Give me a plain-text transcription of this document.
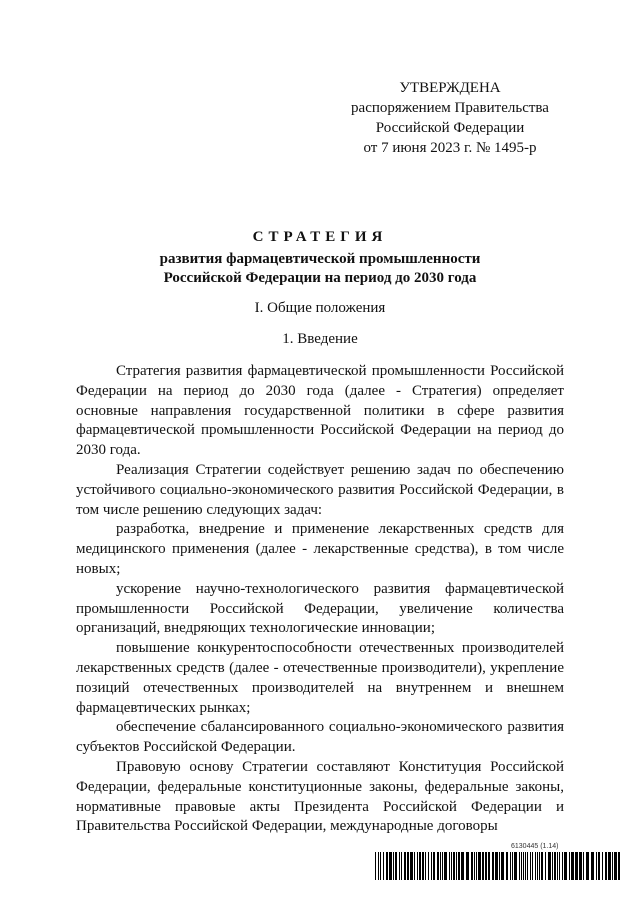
УТВЕРЖДЕНА
распоряжением Правительства
Российской Федерации
от 7 июня 2023 г. № 1495-р
СТРАТЕГИЯ
развития фармацевтической промышленности
Российской Федерации на период до 2030 года
I. Общие положения
1. Введение

Стратегия развития фармацевтической промышленности Российской Федерации на период до 2030 года (далее - Стратегия) определяет основные направления государственной политики в сфере развития фармацевтической промышленности Российской Федерации на период до 2030 года.

Реализация Стратегии содействует решению задач по обеспечению устойчивого социально-экономического развития Российской Федерации, в том числе решению следующих задач:

разработка, внедрение и применение лекарственных средств для медицинского применения (далее - лекарственные средства), в том числе новых;

ускорение научно-технологического развития фармацевтической промышленности Российской Федерации, увеличение количества организаций, внедряющих технологические инновации;

повышение конкурентоспособности отечественных производителей лекарственных средств (далее - отечественные производители), укрепление позиций отечественных производителей на внутреннем и внешнем фармацевтических рынках;

обеспечение сбалансированного социально-экономического развития субъектов Российской Федерации.

Правовую основу Стратегии составляют Конституция Российской Федерации, федеральные конституционные законы, федеральные законы, нормативные правовые акты Президента Российской Федерации и Правительства Российской Федерации, международные договоры

6130445 (1.14)
